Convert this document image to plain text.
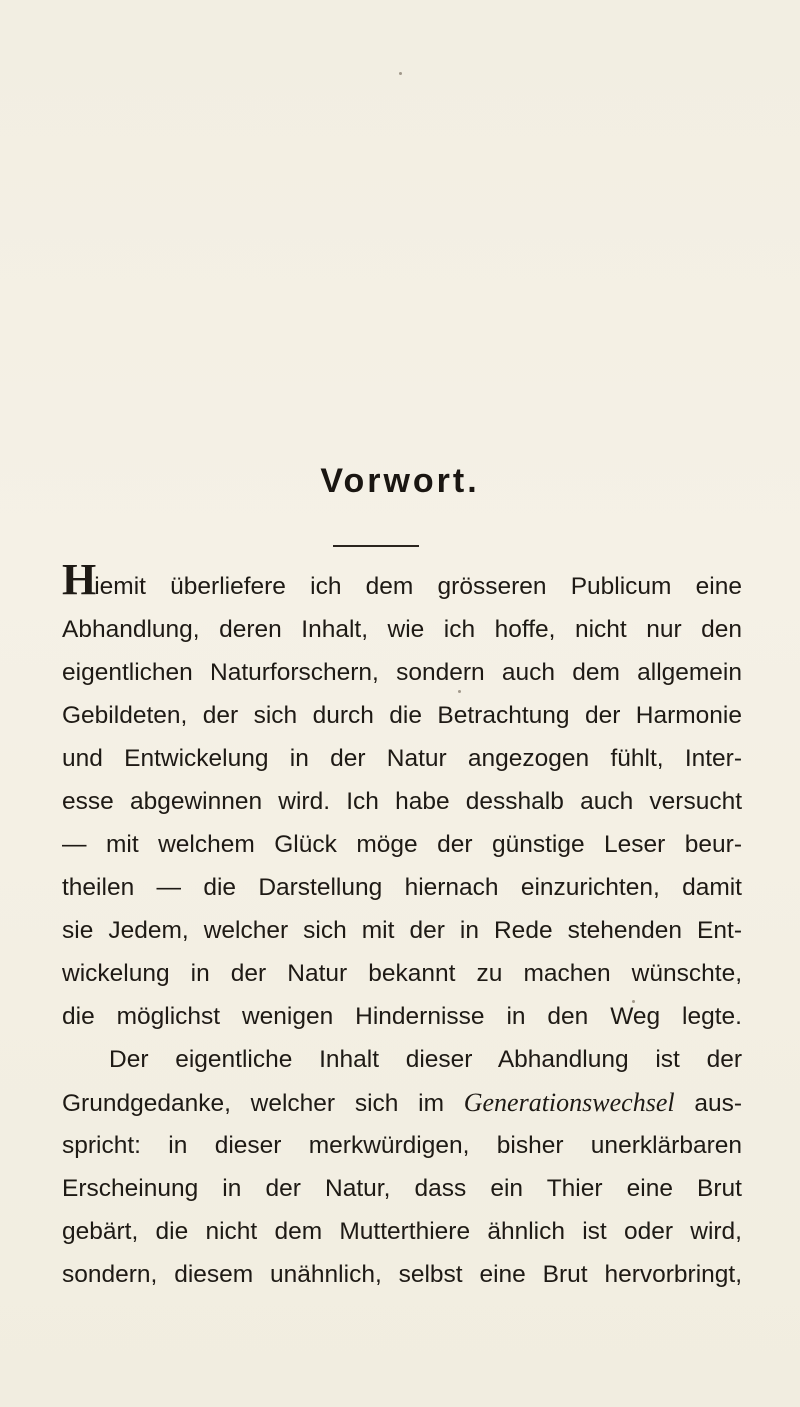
Vorwort.
Hiemit überliefere ich dem grösseren Publicum eine
Abhandlung, deren Inhalt, wie ich hoffe, nicht nur den
eigentlichen Naturforschern, sondern auch dem allgemein
Gebildeten, der sich durch die Betrachtung der Harmonie
und Entwickelung in der Natur angezogen fühlt, Inter-
esse abgewinnen wird. Ich habe desshalb auch versucht
— mit welchem Glück möge der günstige Leser beur-
theilen — die Darstellung hiernach einzurichten, damit
sie Jedem, welcher sich mit der in Rede stehenden Ent-
wickelung in der Natur bekannt zu machen wünschte,
die möglichst wenigen Hindernisse in den Weg legte.
Der eigentliche Inhalt dieser Abhandlung ist der
Grundgedanke, welcher sich im Generationswechsel aus-
spricht: in dieser merkwürdigen, bisher unerklärbaren
Erscheinung in der Natur, dass ein Thier eine Brut
gebärt, die nicht dem Mutterthiere ähnlich ist oder wird,
sondern, diesem unähnlich, selbst eine Brut hervorbringt,
